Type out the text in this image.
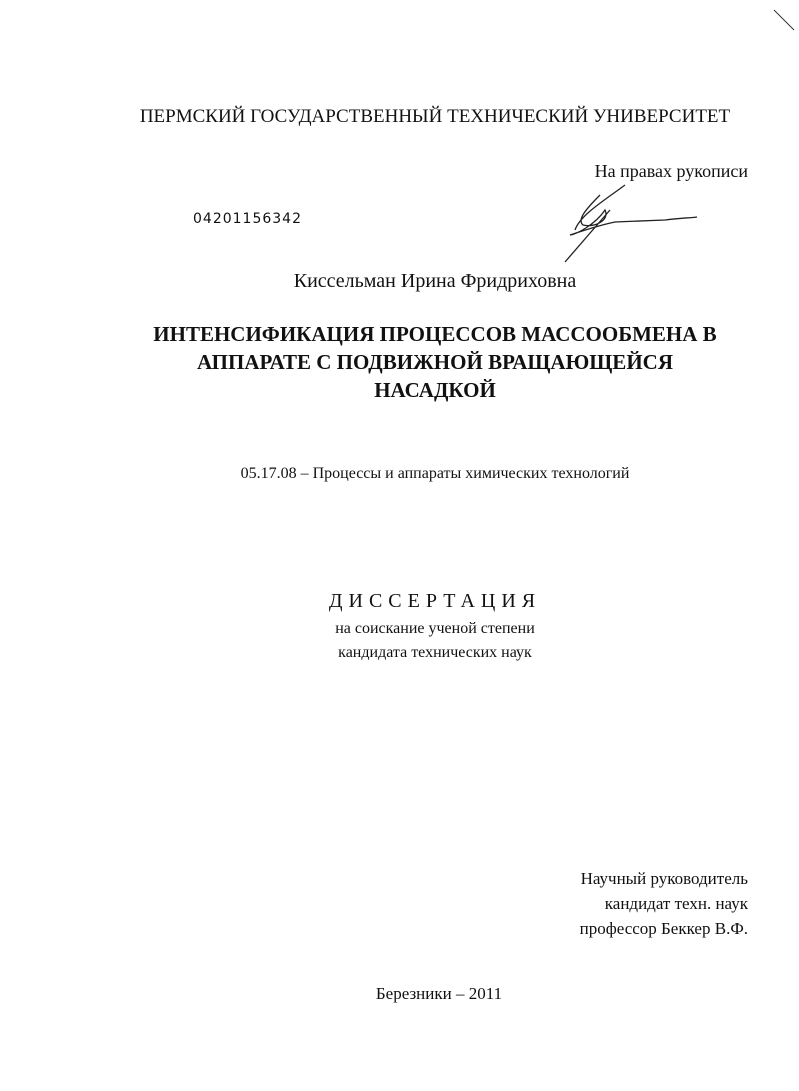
ПЕРМСКИЙ ГОСУДАРСТВЕННЫЙ ТЕХНИЧЕСКИЙ УНИВЕРСИТЕТ
На правах рукописи
04201156342
Киссельман Ирина Фридриховна
ИНТЕНСИФИКАЦИЯ ПРОЦЕССОВ МАССООБМЕНА В
АППАРАТЕ С ПОДВИЖНОЙ ВРАЩАЮЩЕЙСЯ
НАСАДКОЙ
05.17.08 – Процессы и аппараты химических технологий
ДИССЕРТАЦИЯ
на соискание ученой степени
кандидата технических наук
Научный руководитель
кандидат техн. наук
профессор Беккер В.Ф.
Березники – 2011
